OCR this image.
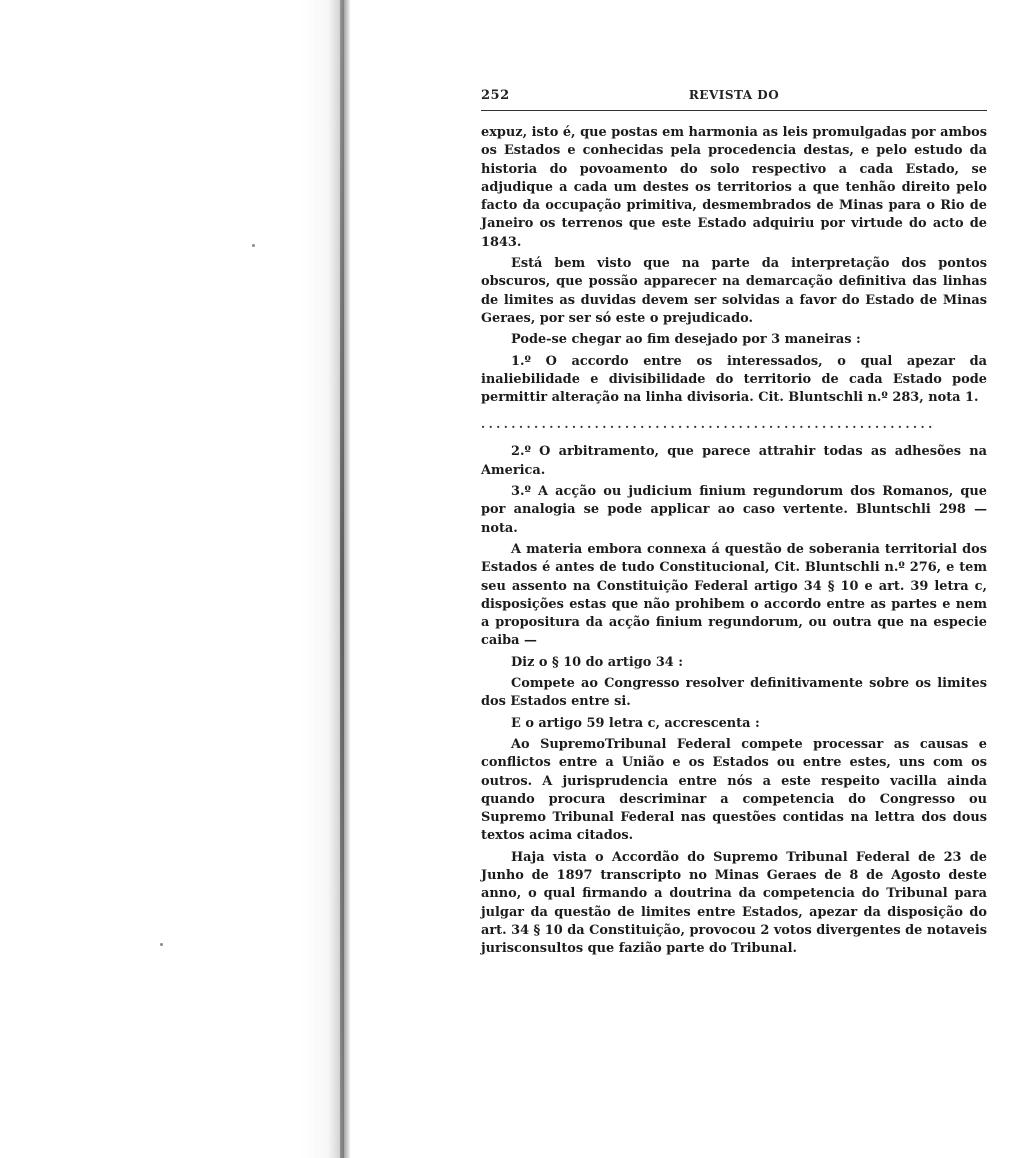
252	REVISTA DO

expuz, isto é, que postas em harmonia as leis promulgadas por ambos os Estados e conhecidas pela procedencia destas, e pelo estudo da historia do povoamento do solo respectivo a cada Estado, se adjudique a cada um destes os territorios a que tenhão direito pelo facto da occupação primitiva, desmembrados de Minas para o Rio de Janeiro os terrenos que este Estado adquiriu por virtude do acto de 1843.

Está bem visto que na parte da interpretação dos pontos obscuros, que possão apparecer na demarcação definitiva das linhas de limites as duvidas devem ser solvidas a favor do Estado de Minas Geraes, por ser só este o prejudicado.

Pode-se chegar ao fim desejado por 3 maneiras :

1.º O accordo entre os interessados, o qual apezar da inaliebilidade e divisibilidade do territorio de cada Estado pode permittir alteração na linha divisoria. Cit. Bluntschli n.º 283, nota 1.

............................................................

2.º O arbitramento, que parece attrahir todas as adhesões na America.

3.º A acção ou judicium finium regundorum dos Romanos, que por analogia se pode applicar ao caso vertente. Bluntschli 298 — nota.

A materia embora connexa á questão de soberania territorial dos Estados é antes de tudo Constitucional, Cit. Bluntschli n.º 276, e tem seu assento na Constituição Federal artigo 34 § 10 e art. 39 letra c, disposições estas que não prohibem o accordo entre as partes e nem a propositura da acção finium regundorum, ou outra que na especie caiba —

Diz o § 10 do artigo 34 :

Compete ao Congresso resolver definitivamente sobre os limites dos Estados entre si.

E o artigo 59 letra c, accrescenta :

Ao SupremoTribunal Federal compete processar as causas e conflictos entre a União e os Estados ou entre estes, uns com os outros. A jurisprudencia entre nós a este respeito vacilla ainda quando procura descriminar a competencia do Congresso ou Supremo Tribunal Federal nas questões contidas na lettra dos dous textos acima citados.

Haja vista o Accordão do Supremo Tribunal Federal de 23 de Junho de 1897 transcripto no Minas Geraes de 8 de Agosto deste anno, o qual firmando a doutrina da competencia do Tribunal para julgar da questão de limites entre Estados, apezar da disposição do art. 34 § 10 da Constituição, provocou 2 votos divergentes de notaveis jurisconsultos que fazião parte do Tribunal.
